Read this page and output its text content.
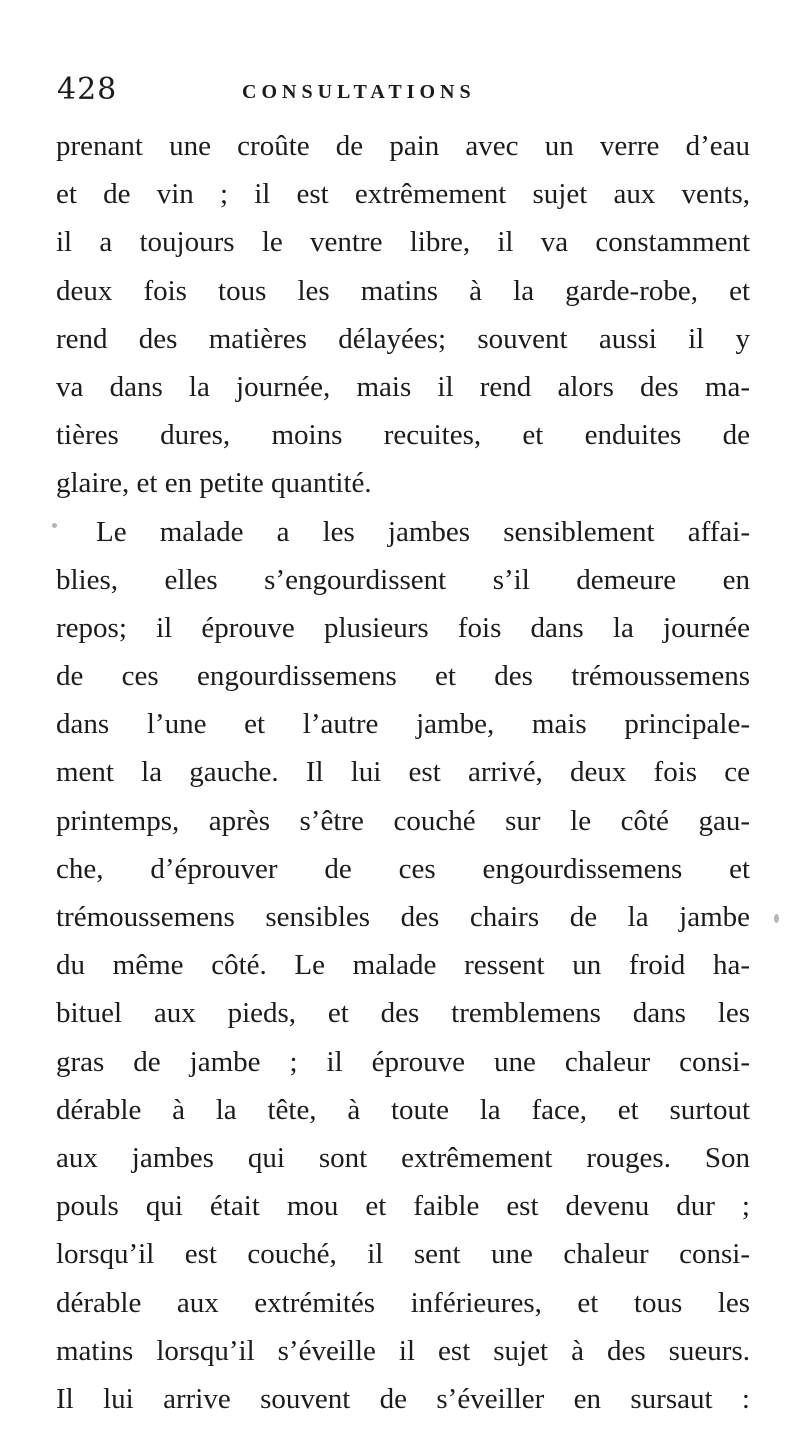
428	CONSULTATIONS
prenant une croûte de pain avec un verre d’eau
et de vin ; il est extrêmement sujet aux vents,
il a toujours le ventre libre, il va constamment
deux fois tous les matins à la garde-robe, et
rend des matières délayées; souvent aussi il y
va dans la journée, mais il rend alors des ma-
tières dures, moins recuites, et enduites de
glaire, et en petite quantité.
Le malade a les jambes sensiblement affai-
blies, elles s’engourdissent s’il demeure en
repos; il éprouve plusieurs fois dans la journée
de ces engourdissemens et des trémoussemens
dans l’une et l’autre jambe, mais principale-
ment la gauche. Il lui est arrivé, deux fois ce
printemps, après s’être couché sur le côté gau-
che, d’éprouver de ces engourdissemens et
trémoussemens sensibles des chairs de la jambe
du même côté. Le malade ressent un froid ha-
bituel aux pieds, et des tremblemens dans les
gras de jambe ; il éprouve une chaleur consi-
dérable à la tête, à toute la face, et surtout
aux jambes qui sont extrêmement rouges. Son
pouls qui était mou et faible est devenu dur ;
lorsqu’il est couché, il sent une chaleur consi-
dérable aux extrémités inférieures, et tous les
matins lorsqu’il s’éveille il est sujet à des sueurs.
Il lui arrive souvent de s’éveiller en sursaut :
